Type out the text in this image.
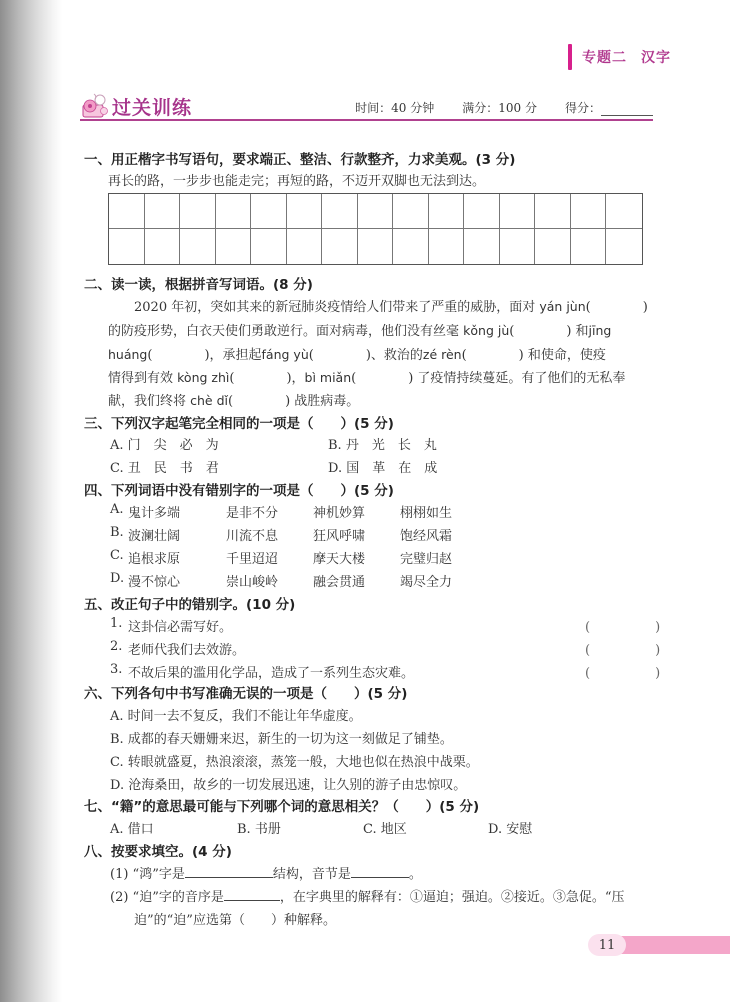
专题二 汉字
过关训练	时间：40 分钟 满分：100 分 得分：
一、用正楷字书写语句，要求端正、整洁、行款整齐，力求美观。(3 分)
再长的路，一步步也能走完；再短的路，不迈开双脚也无法到达。
二、读一读，根据拼音写词语。(8 分)
2020 年初，突如其来的新冠肺炎疫情给人们带来了严重的威胁，面对 yán jùn(　　　　)
的防疫形势，白衣天使们勇敢逆行。面对病毒，他们没有丝毫 kǒng jù(　　　　) 和jīng
huáng(　　　　)，承担起fáng yù(　　　　)、救治的zé rèn(　　　　) 和使命，使疫
情得到有效 kòng zhì(　　　　)，bì miǎn(　　　　) 了疫情持续蔓延。有了他们的无私奉
献，我们终将 chè dǐ(　　　　) 战胜病毒。
三、下列汉字起笔完全相同的一项是（　　）(5 分)
A. 门　尖　必　为	B. 丹　光　长　丸
C. 丑　民　书　君	D. 国　革　在　成
四、下列词语中没有错别字的一项是（　　）(5 分)
A. 鬼计多端	是非不分	神机妙算	栩栩如生
B. 波澜壮阔	川流不息	狂风呼啸	饱经风霜
C. 追根求原	千里迢迢	摩天大楼	完璧归赵
D. 漫不惊心	崇山峻岭	融会贯通	竭尽全力
五、改正句子中的错别字。(10 分)
1. 这卦信必需写好。	(　　　　　)
2. 老师代我们去效游。	(　　　　　)
3. 不故后果的滥用化学品，造成了一系列生态灾难。	(　　　　　)
六、下列各句中书写准确无误的一项是（　　）(5 分)
A. 时间一去不复反，我们不能让年华虚度。
B. 成都的春天姗姗来迟，新生的一切为这一刻做足了铺垫。
C. 转眼就盛夏，热浪滚滚，蒸笼一般，大地也似在热浪中战栗。
D. 沧海桑田，故乡的一切发展迅速，让久别的游子由忠惊叹。
七、“籍”的意思最可能与下列哪个词的意思相关？（　　）(5 分)
A. 借口	B. 书册	C. 地区	D. 安慰
八、按要求填空。(4 分)
(1) “鸿”字是	结构，音节是	。
(2) “迫”字的音序是	，在字典里的解释有：①逼迫；强迫。②接近。③急促。“压
迫”的“迫”应选第（　　）种解释。
11
